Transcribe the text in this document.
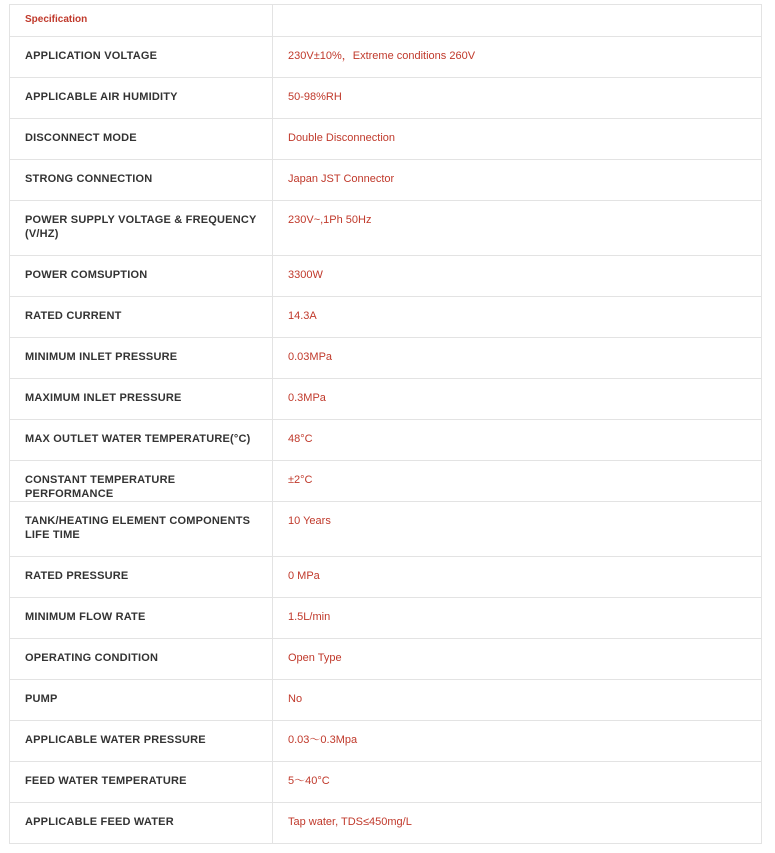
Specification	
APPLICATION VOLTAGE	230V±10%，Extreme conditions 260V
APPLICABLE AIR HUMIDITY	50-98%RH
DISCONNECT MODE	Double Disconnection
STRONG CONNECTION	Japan JST Connector
POWER SUPPLY VOLTAGE & FREQUENCY (V/HZ)	230V~,1Ph 50Hz
POWER COMSUPTION	3300W
RATED CURRENT	14.3A
MINIMUM INLET PRESSURE	0.03MPa
MAXIMUM INLET PRESSURE	0.3MPa
MAX OUTLET WATER TEMPERATURE(°C)	48°C
CONSTANT TEMPERATURE PERFORMANCE	±2°C
TANK/HEATING ELEMENT COMPONENTS LIFE TIME	10 Years
RATED PRESSURE	0 MPa
MINIMUM FLOW RATE	1.5L/min
OPERATING CONDITION	Open Type
PUMP	No
APPLICABLE WATER PRESSURE	0.03～0.3Mpa
FEED WATER TEMPERATURE	5～40°C
APPLICABLE FEED WATER	Tap water, TDS≤450mg/L
